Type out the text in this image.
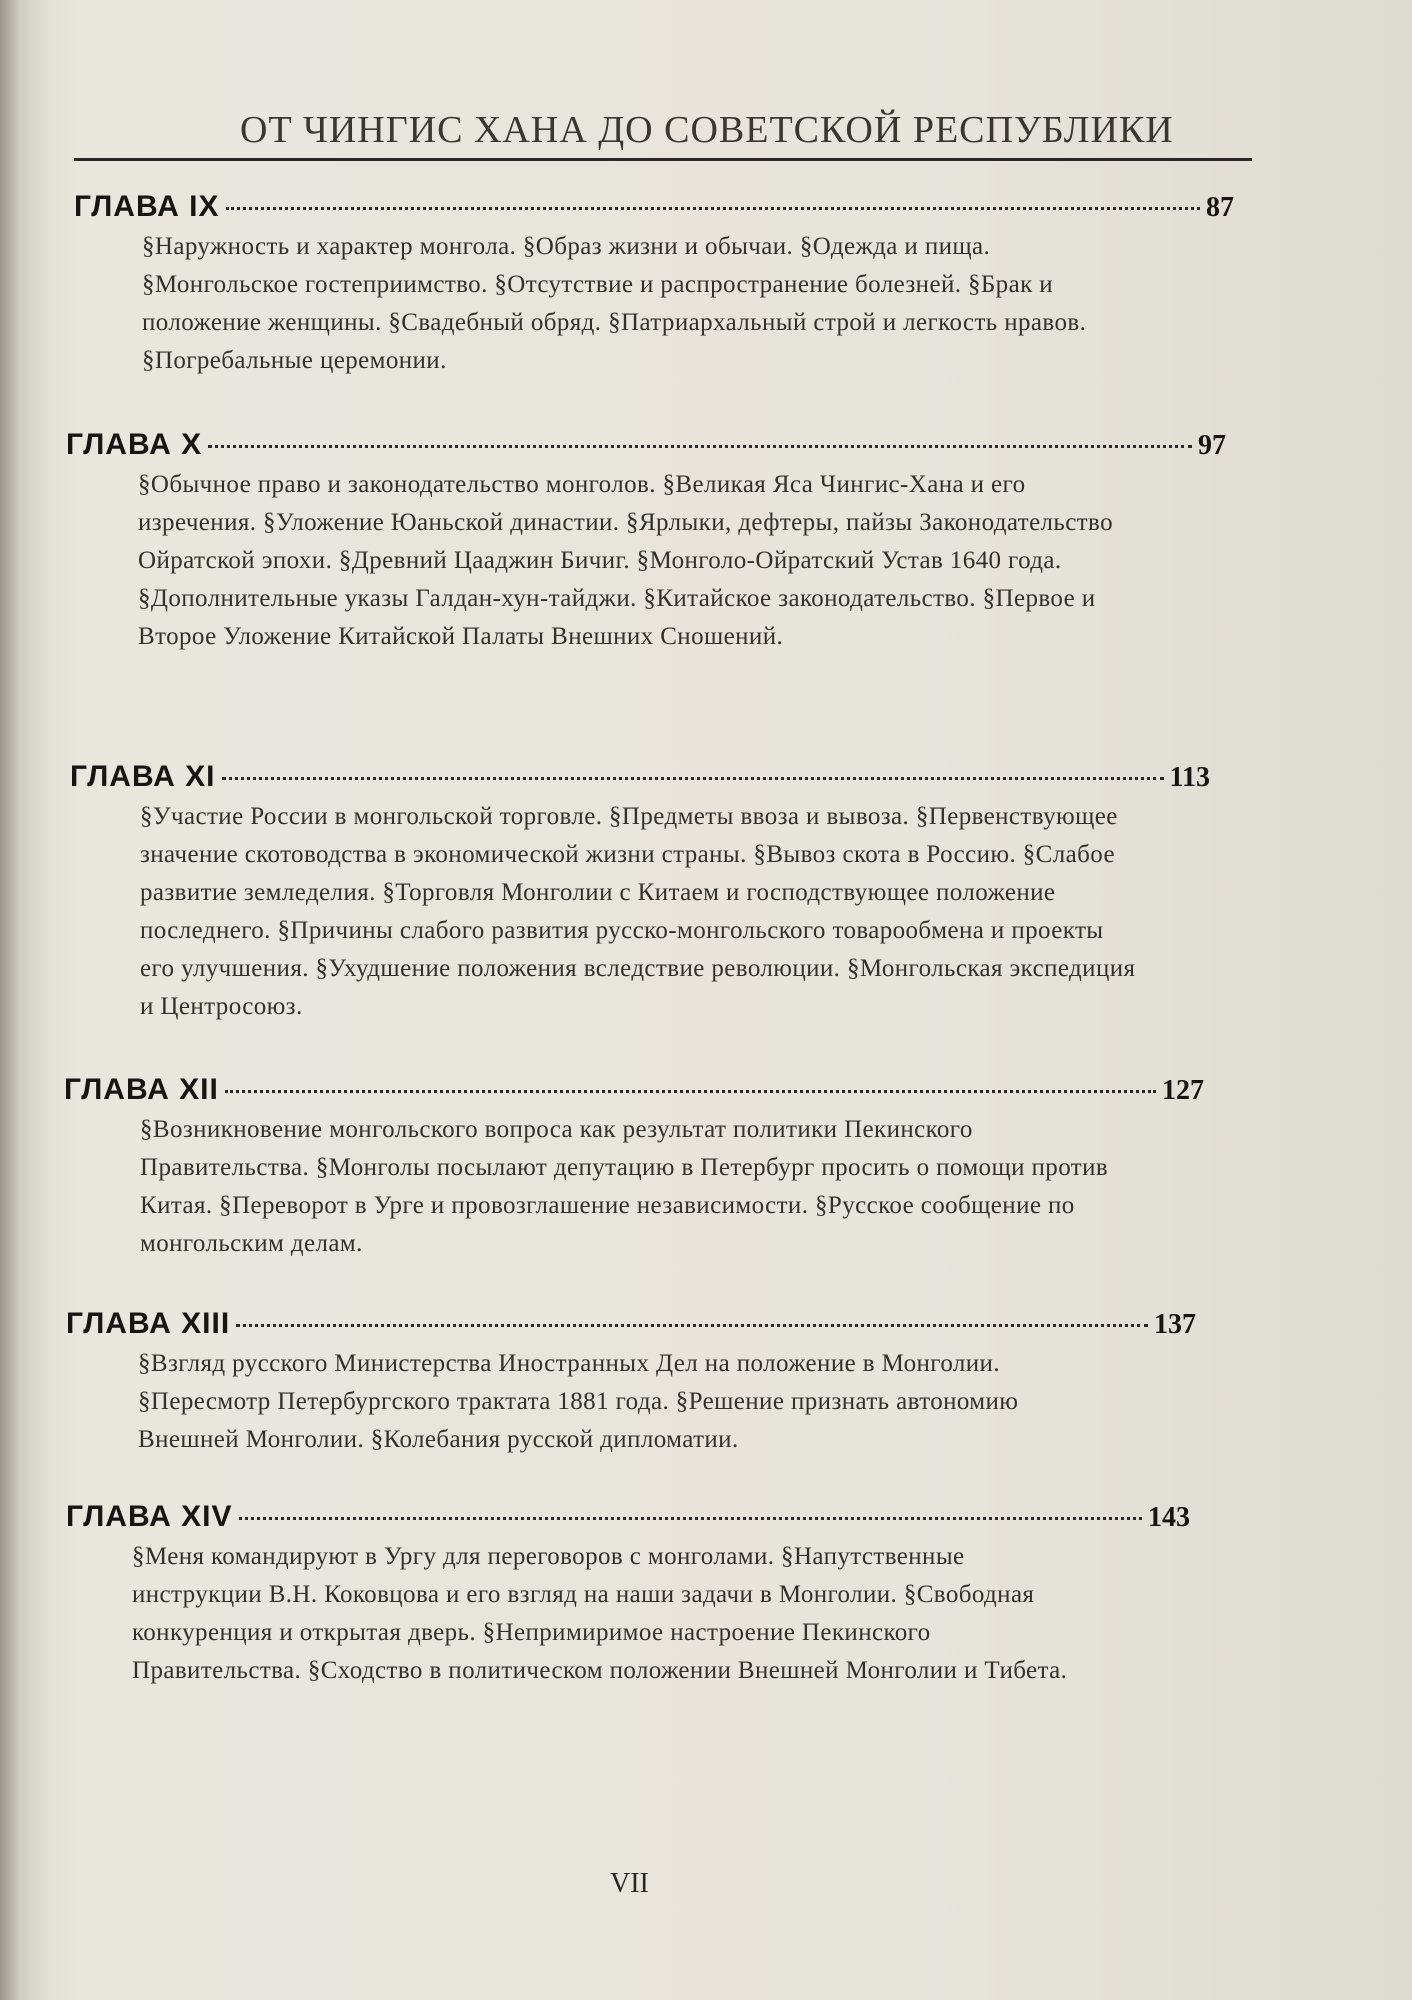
ОТ ЧИНГИС ХАНА ДО СОВЕТСКОЙ РЕСПУБЛИКИ
ГЛАВА IX	87
§Наружность и характер монгола. §Образ жизни и обычаи. §Одежда и пища. §Монгольское гостеприимство. §Отсутствие и распространение болезней. §Брак и положение женщины. §Свадебный обряд. §Патриархальный строй и легкость нравов. §Погребальные церемонии.
ГЛАВА X	97
§Обычное право и законодательство монголов. §Великая Яса Чингис-Хана и его изречения. §Уложение Юаньской династии. §Ярлыки, дефтеры, пайзы Законодательство Ойратской эпохи. §Древний Цааджин Бичиг. §Монголо-Ойратский Устав 1640 года. §Дополнительные указы Галдан-хун-тайджи. §Китайское законодательство. §Первое и Второе Уложение Китайской Палаты Внешних Сношений.
ГЛАВА XI	113
§Участие России в монгольской торговле. §Предметы ввоза и вывоза. §Первенствующее значение скотоводства в экономической жизни страны. §Вывоз скота в Россию. §Слабое развитие земледелия. §Торговля Монголии с Китаем и господствующее положение последнего. §Причины слабого развития русско-монгольского товарообмена и проекты его улучшения. §Ухудшение положения вследствие революции. §Монгольская экспедиция и Центросоюз.
ГЛАВА XII	127
§Возникновение монгольского вопроса как результат политики Пекинского Правительства. §Монголы посылают депутацию в Петербург просить о помощи против Китая. §Переворот в Урге и провозглашение независимости. §Русское сообщение по монгольским делам.
ГЛАВА XIII	137
§Взгляд русского Министерства Иностранных Дел на положение в Монголии. §Пересмотр Петербургского трактата 1881 года. §Решение признать автономию Внешней Монголии. §Колебания русской дипломатии.
ГЛАВА XIV	143
§Меня командируют в Ургу для переговоров с монголами. §Напутственные инструкции В.Н. Коковцова и его взгляд на наши задачи в Монголии. §Свободная конкуренция и открытая дверь. §Непримиримое настроение Пекинского Правительства. §Сходство в политическом положении Внешней Монголии и Тибета.
VII
